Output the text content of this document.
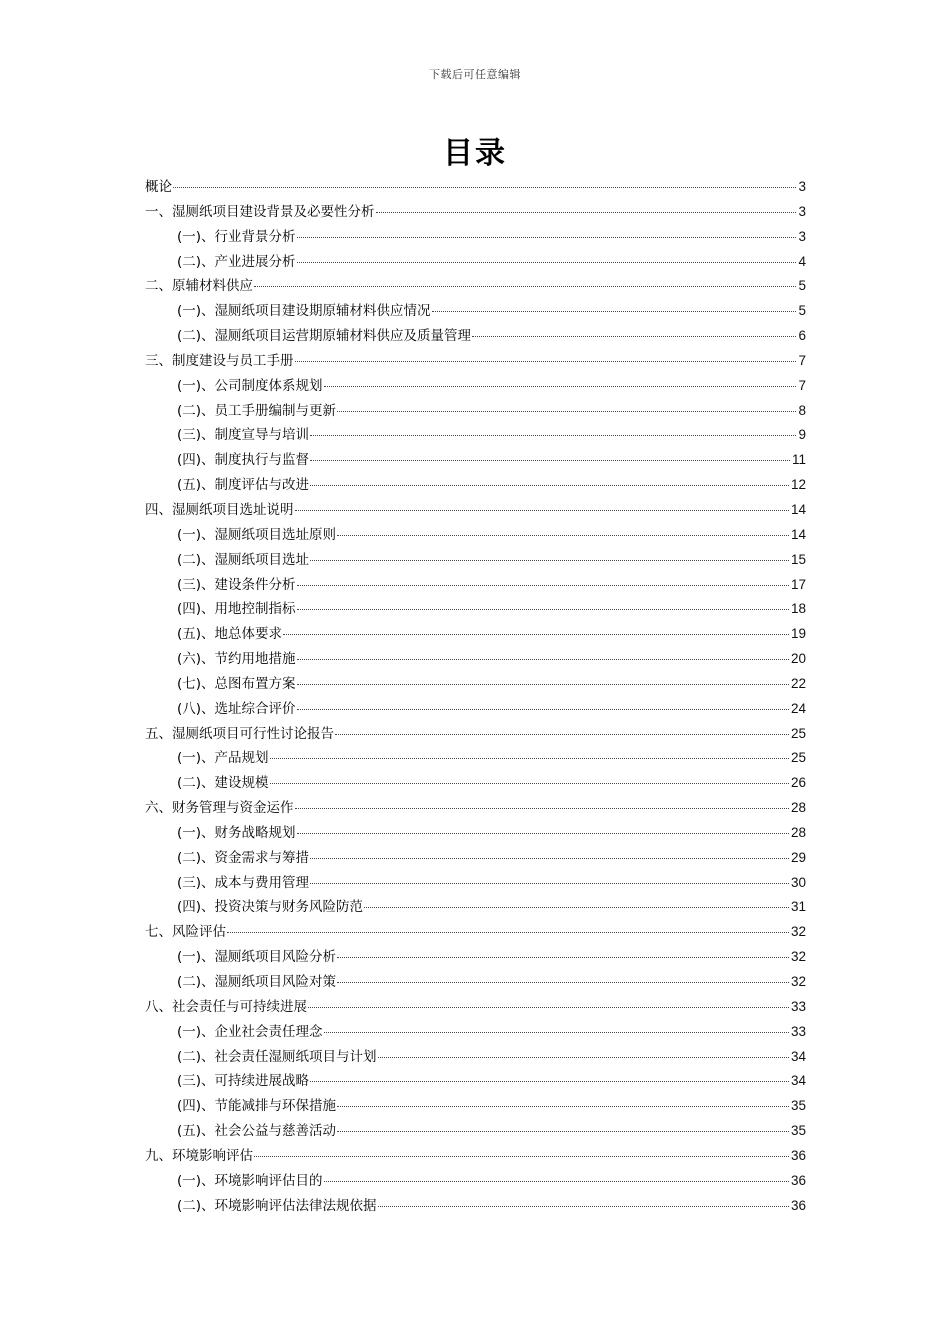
下载后可任意编辑
目录
概论	3
一、湿厕纸项目建设背景及必要性分析	3
(一)、行业背景分析	3
(二)、产业进展分析	4
二、原辅材料供应	5
(一)、湿厕纸项目建设期原辅材料供应情况	5
(二)、湿厕纸项目运营期原辅材料供应及质量管理	6
三、制度建设与员工手册	7
(一)、公司制度体系规划	7
(二)、员工手册编制与更新	8
(三)、制度宣导与培训	9
(四)、制度执行与监督	11
(五)、制度评估与改进	12
四、湿厕纸项目选址说明	14
(一)、湿厕纸项目选址原则	14
(二)、湿厕纸项目选址	15
(三)、建设条件分析	17
(四)、用地控制指标	18
(五)、地总体要求	19
(六)、节约用地措施	20
(七)、总图布置方案	22
(八)、选址综合评价	24
五、湿厕纸项目可行性讨论报告	25
(一)、产品规划	25
(二)、建设规模	26
六、财务管理与资金运作	28
(一)、财务战略规划	28
(二)、资金需求与筹措	29
(三)、成本与费用管理	30
(四)、投资决策与财务风险防范	31
七、风险评估	32
(一)、湿厕纸项目风险分析	32
(二)、湿厕纸项目风险对策	32
八、社会责任与可持续进展	33
(一)、企业社会责任理念	33
(二)、社会责任湿厕纸项目与计划	34
(三)、可持续进展战略	34
(四)、节能减排与环保措施	35
(五)、社会公益与慈善活动	35
九、环境影响评估	36
(一)、环境影响评估目的	36
(二)、环境影响评估法律法规依据	36
